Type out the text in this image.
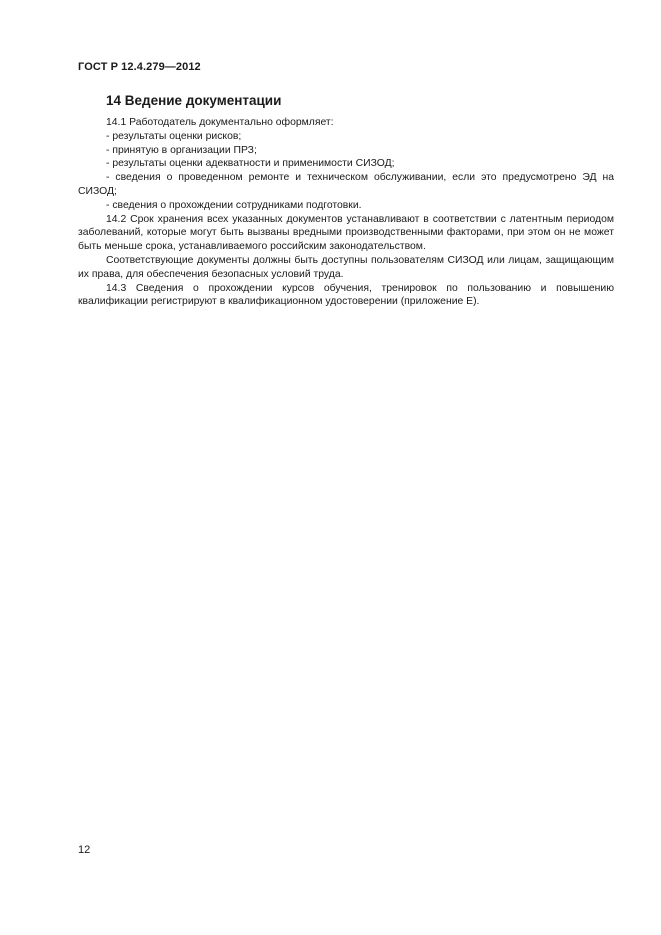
ГОСТ Р 12.4.279—2012
14 Ведение документации

14.1 Работодатель документально оформляет:

- результаты оценки рисков;

- принятую в организации ПРЗ;

- результаты оценки адекватности и применимости СИЗОД;

- сведения о проведенном ремонте и техническом обслуживании, если это предусмотрено ЭД на СИЗОД;

- сведения о прохождении сотрудниками подготовки.

14.2 Срок хранения всех указанных документов устанавливают в соответствии с латентным периодом заболеваний, которые могут быть вызваны вредными производственными факторами, при этом он не может быть меньше срока, устанавливаемого российским законодательством.

Соответствующие документы должны быть доступны пользователям СИЗОД или лицам, защищающим их права, для обеспечения безопасных условий труда.

14.3 Сведения о прохождении курсов обучения, тренировок по пользованию и повышению квалификации регистрируют в квалификационном удостоверении (приложение Е).

12
